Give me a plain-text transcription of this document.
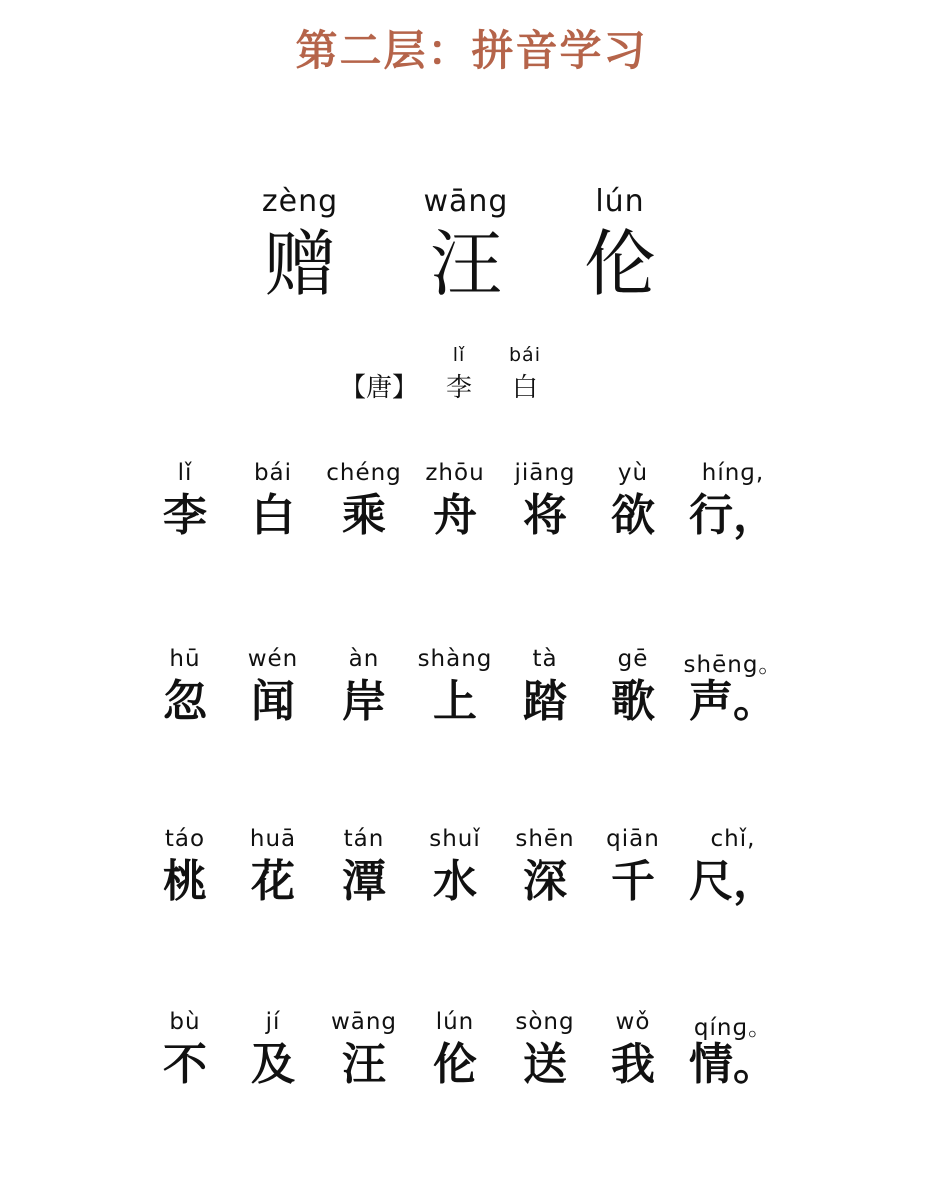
第二层：拼音学习
zèng
赠
wāng
汪
lún
伦
【唐】
lǐ
李
bái
白
lǐ
李
bái
白
chéng
乘
zhōu
舟
jiāng
将
yù
欲
hínɡ,
行，
hū
忽
wén
闻
àn
岸
shàng
上
tà
踏
gē
歌
shēng。
声。
táo
桃
huā
花
tán
潭
shuǐ
水
shēn
深
qiān
千
chǐ,
尺，
bù
不
jí
及
wāng
汪
lún
伦
sòng
送
wǒ
我
qínɡ。
情。
